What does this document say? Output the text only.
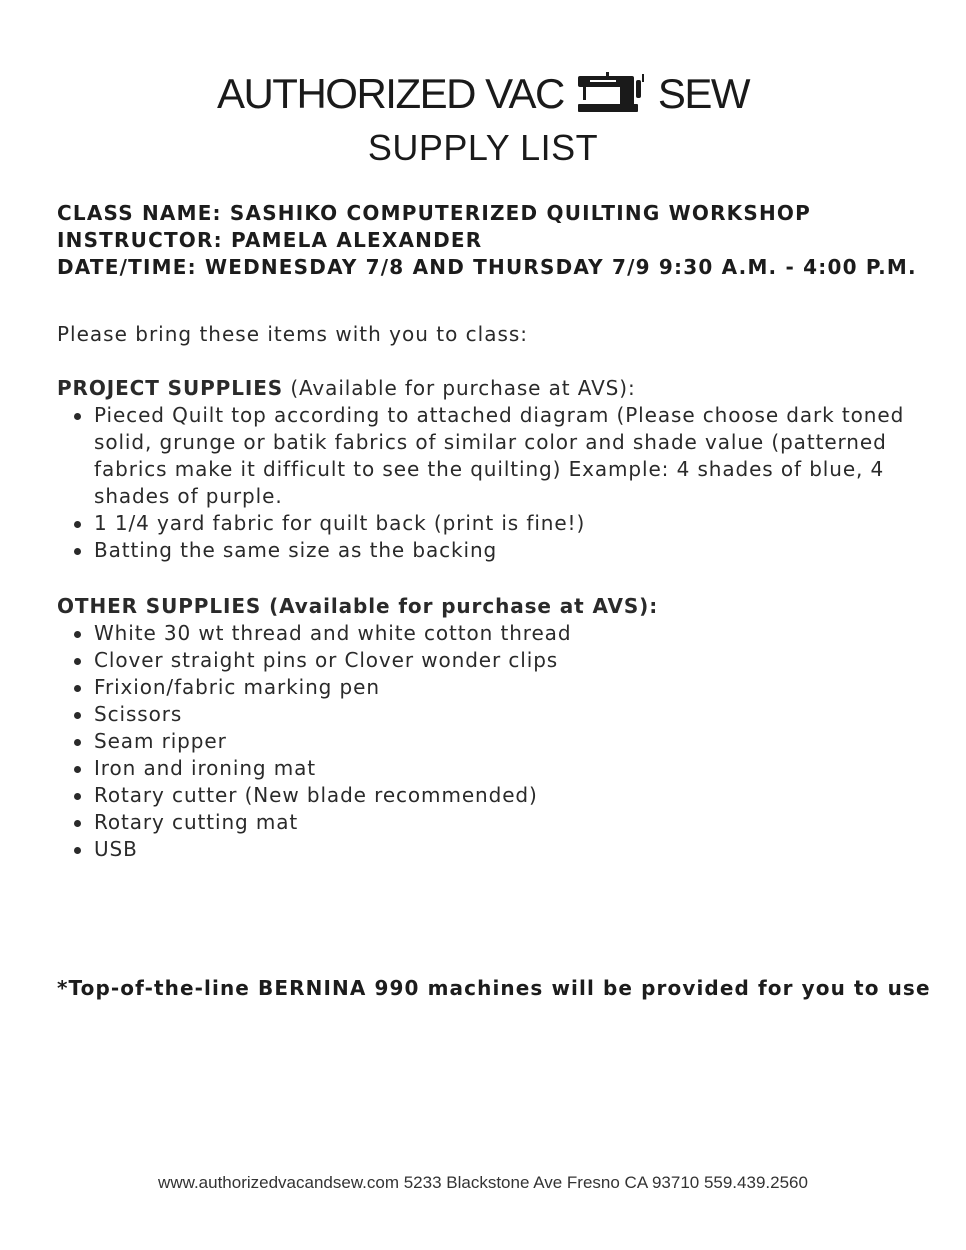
AUTHORIZED VAC SEW
SUPPLY LIST
CLASS NAME: SASHIKO COMPUTERIZED QUILTING WORKSHOP
INSTRUCTOR: PAMELA ALEXANDER
DATE/TIME: WEDNESDAY 7/8 AND THURSDAY 7/9 9:30 A.M. - 4:00 P.M.
Please bring these items with you to class:
PROJECT SUPPLIES (Available for purchase at AVS):
Pieced Quilt top according to attached diagram (Please choose dark toned solid, grunge or batik fabrics of similar color and shade value (patterned fabrics make it difficult to see the quilting) Example: 4 shades of blue, 4 shades of purple.
1 1/4 yard fabric for quilt back (print is fine!)
Batting the same size as the backing
OTHER SUPPLIES (Available for purchase at AVS):
White 30 wt thread and white cotton thread
Clover straight pins or Clover wonder clips
Frixion/fabric marking pen
Scissors
Seam ripper
Iron and ironing mat
Rotary cutter (New blade recommended)
Rotary cutting mat
USB
*Top-of-the-line BERNINA 990 machines will be provided for you to use
www.authorizedvacandsew.com 5233 Blackstone Ave Fresno CA 93710 559.439.2560
